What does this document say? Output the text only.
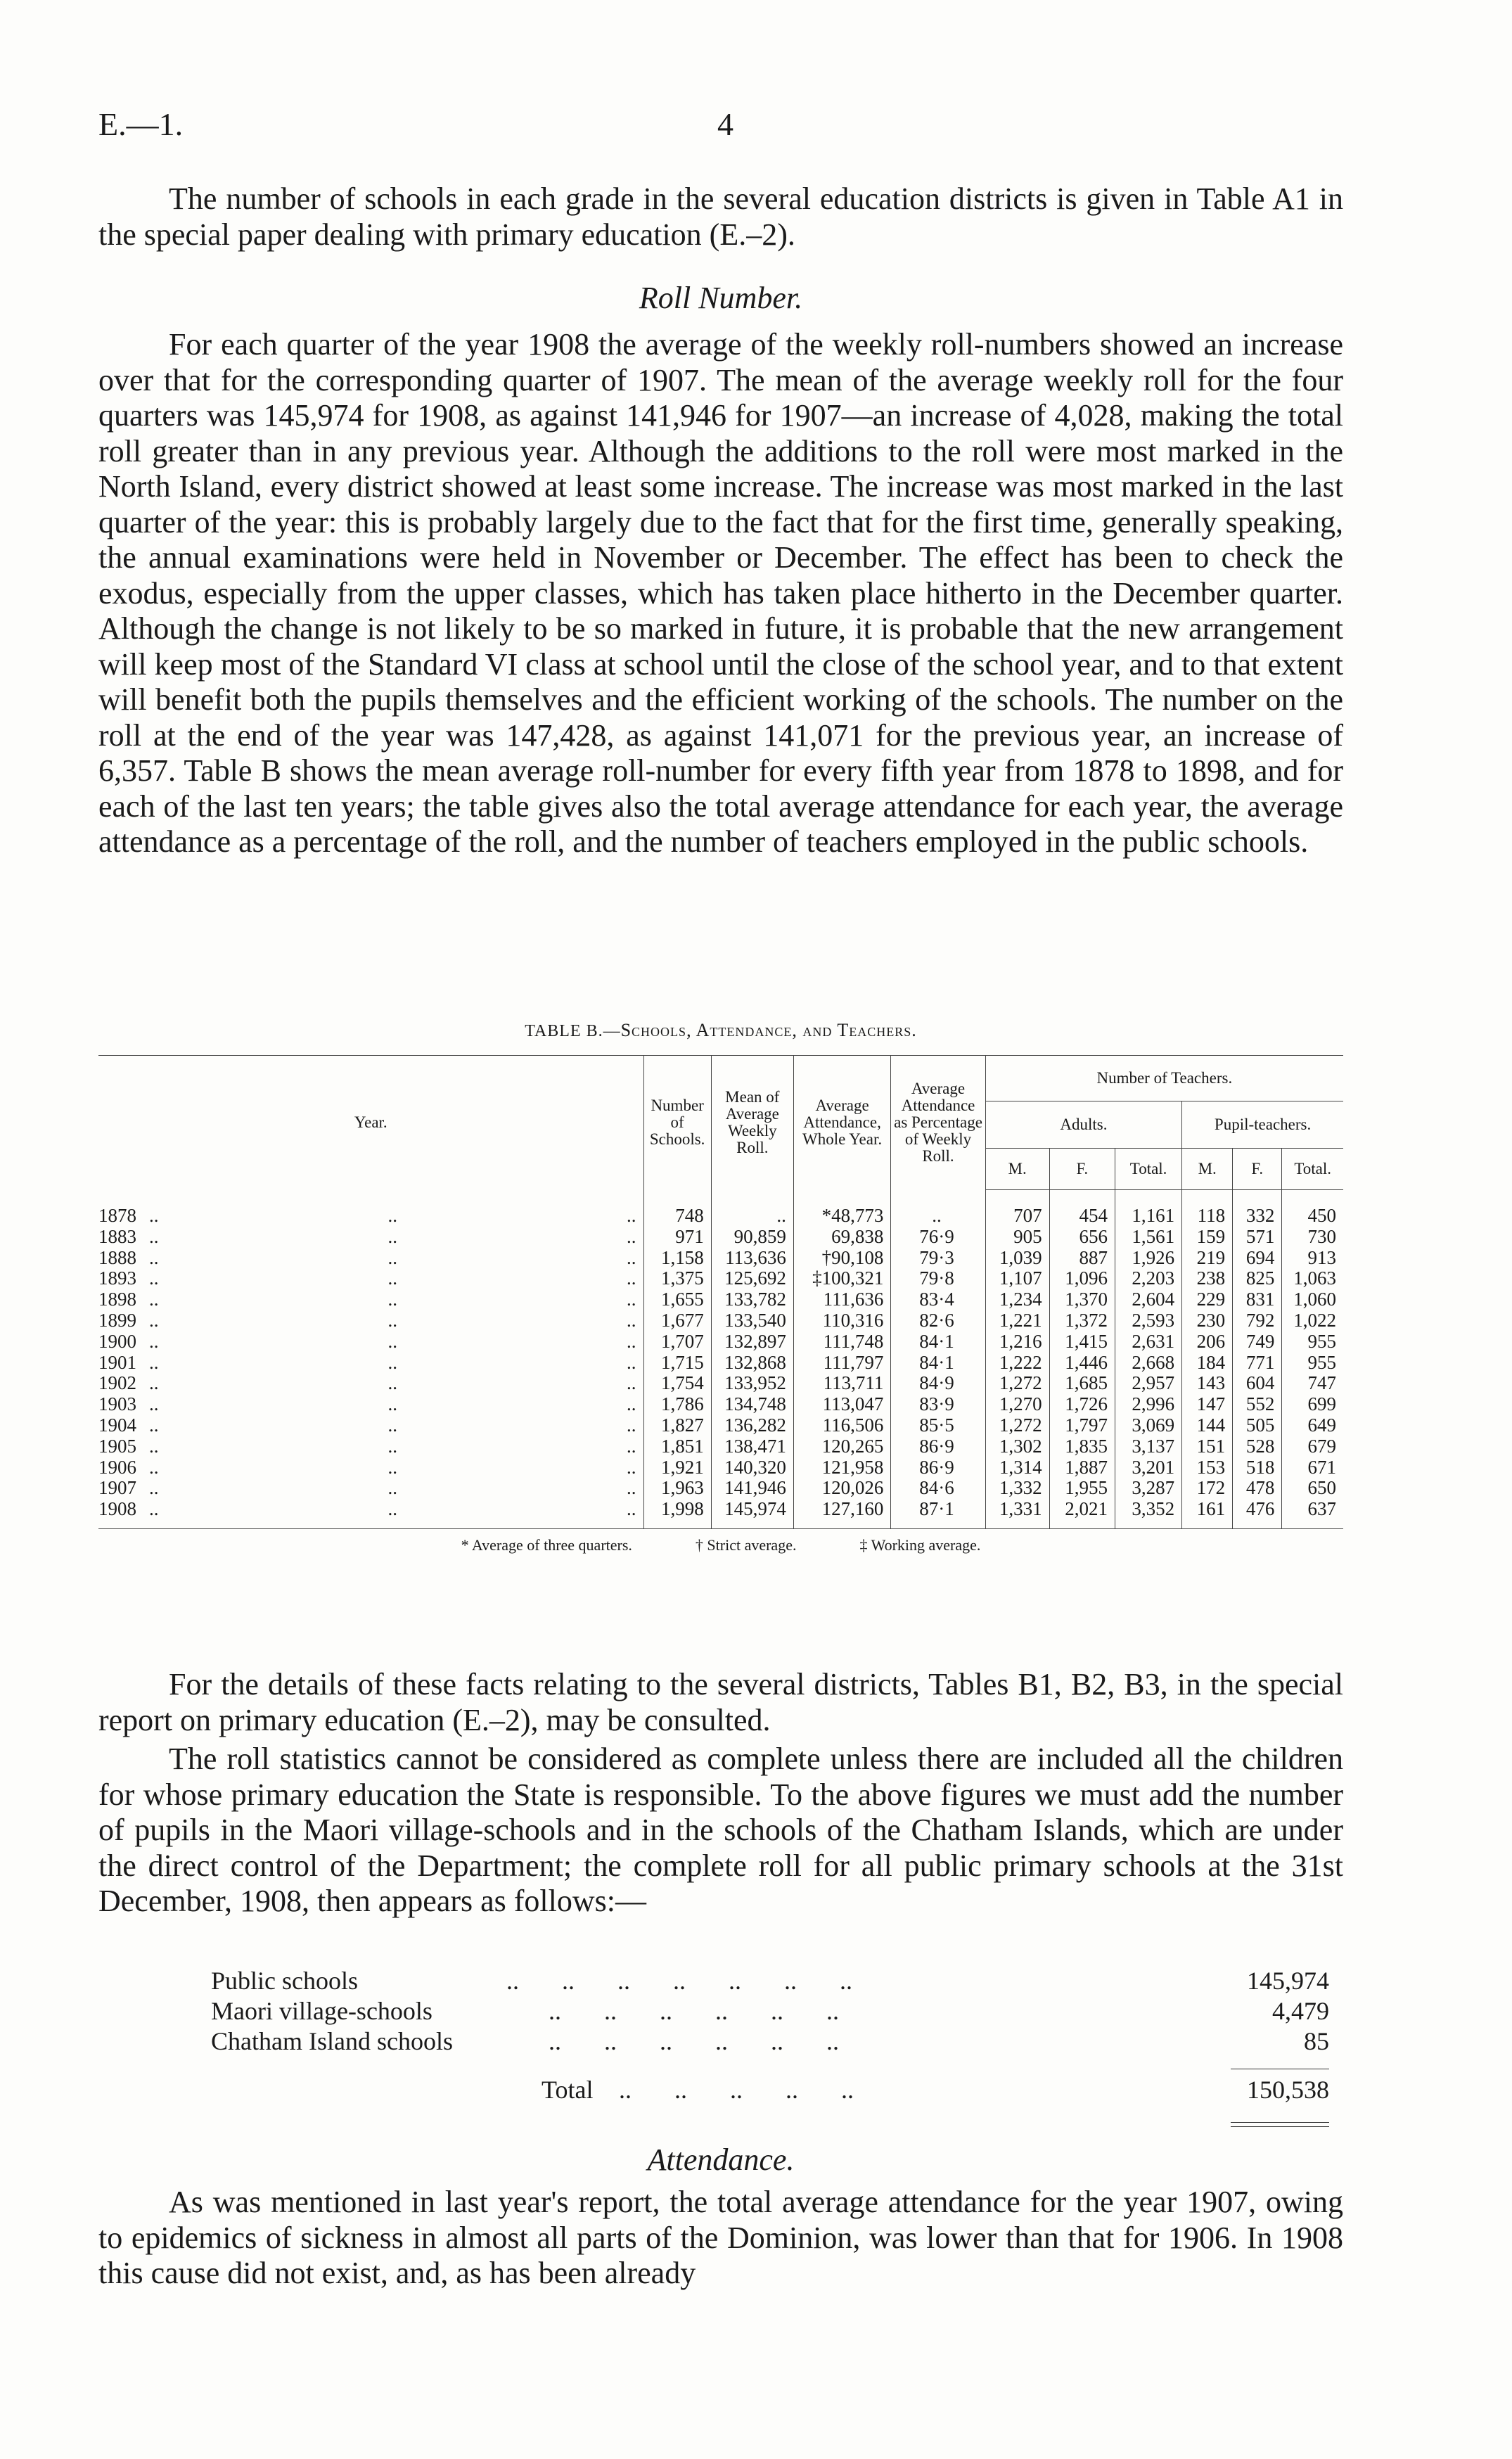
E.—1.	4

The number of schools in each grade in the several education districts is given in Table A1 in the special paper dealing with primary education (E.–2).

Roll Number.

For each quarter of the year 1908 the average of the weekly roll-numbers showed an increase over that for the corresponding quarter of 1907. The mean of the average weekly roll for the four quarters was 145,974 for 1908, as against 141,946 for 1907—an increase of 4,028, making the total roll greater than in any previous year. Although the additions to the roll were most marked in the North Island, every district showed at least some increase. The increase was most marked in the last quarter of the year: this is probably largely due to the fact that for the first time, generally speaking, the annual examinations were held in November or December. The effect has been to check the exodus, especially from the upper classes, which has taken place hitherto in the December quarter. Although the change is not likely to be so marked in future, it is probable that the new arrangement will keep most of the Standard VI class at school until the close of the school year, and to that extent will benefit both the pupils themselves and the efficient working of the schools. The number on the roll at the end of the year was 147,428, as against 141,071 for the previous year, an increase of 6,357. Table B shows the mean average roll-number for every fifth year from 1878 to 1898, and for each of the last ten years; the table gives also the total average attendance for each year, the average attendance as a percentage of the roll, and the number of teachers employed in the public schools.

TABLE B.—Schools, Attendance, and Teachers.
Year.	Number of Schools.	Mean of Average Weekly Roll.	Average Attendance, Whole Year.	Average Attendance as Percentage of Weekly Roll.	Number of Teachers.					
					Adults.			Pupil-teachers.		
					M.	F.	Total.	M.	F.	Total.
1878 ..        ..        ..	748	..	*48,773	..	707	454	1,161	118	332	450
1883 ..        ..        ..	971	90,859	69,838	76·9	905	656	1,561	159	571	730
1888 ..        ..        ..	1,158	113,636	†90,108	79·3	1,039	887	1,926	219	694	913
1893 ..        ..        ..	1,375	125,692	‡100,321	79·8	1,107	1,096	2,203	238	825	1,063
1898 ..        ..        ..	1,655	133,782	111,636	83·4	1,234	1,370	2,604	229	831	1,060
1899 ..        ..        ..	1,677	133,540	110,316	82·6	1,221	1,372	2,593	230	792	1,022
1900 ..        ..        ..	1,707	132,897	111,748	84·1	1,216	1,415	2,631	206	749	955
1901 ..        ..        ..	1,715	132,868	111,797	84·1	1,222	1,446	2,668	184	771	955
1902 ..        ..        ..	1,754	133,952	113,711	84·9	1,272	1,685	2,957	143	604	747
1903 ..        ..        ..	1,786	134,748	113,047	83·9	1,270	1,726	2,996	147	552	699
1904 ..        ..        ..	1,827	136,282	116,506	85·5	1,272	1,797	3,069	144	505	649
1905 ..        ..        ..	1,851	138,471	120,265	86·9	1,302	1,835	3,137	151	528	679
1906 ..        ..        ..	1,921	140,320	121,958	86·9	1,314	1,887	3,201	153	518	671
1907 ..        ..        ..	1,963	141,946	120,026	84·6	1,332	1,955	3,287	172	478	650
1908 ..        ..        ..	1,998	145,974	127,160	87·1	1,331	2,021	3,352	161	476	637
* Average of three quarters.	† Strict average.	‡ Working average.

For the details of these facts relating to the several districts, Tables B1, B2, B3, in the special report on primary education (E.–2), may be consulted.

The roll statistics cannot be considered as complete unless there are included all the children for whose primary education the State is responsible. To the above figures we must add the number of pupils in the Maori village-schools and in the schools of the Chatham Islands, which are under the direct control of the Department; the complete roll for all public primary schools at the 31st December, 1908, then appears as follows:—

Public schools	.. .. .. .. .. .. ..	145,974
Maori village-schools	.. .. .. .. .. ..	4,479
Chatham Island schools	.. .. .. .. .. ..	85
Total .. .. .. .. ..	150,538
Attendance.

As was mentioned in last year's report, the total average attendance for the year 1907, owing to epidemics of sickness in almost all parts of the Dominion, was lower than that for 1906. In 1908 this cause did not exist, and, as has been already
